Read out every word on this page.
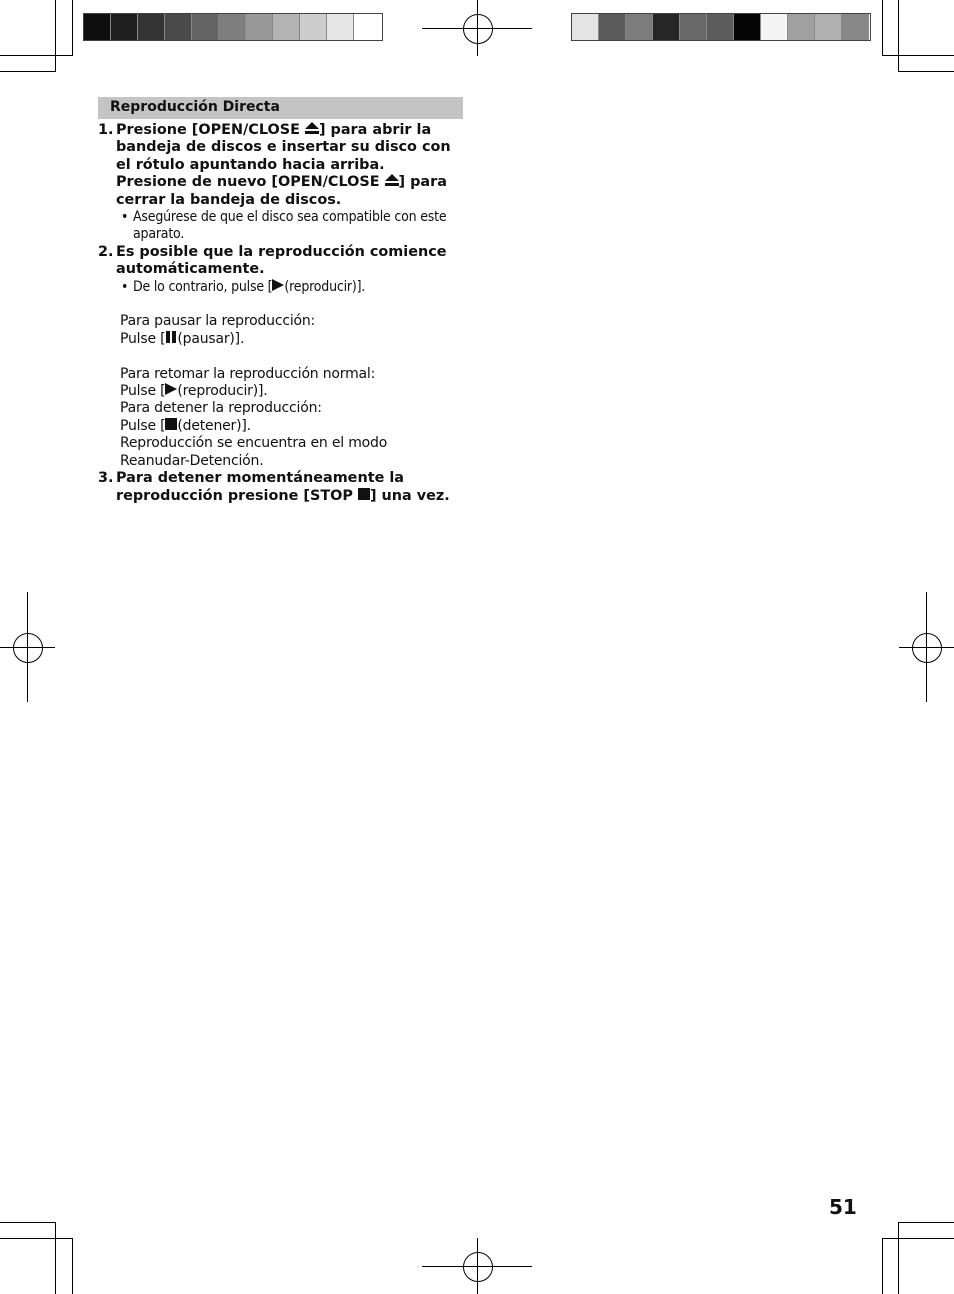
Reproducción Directa
1. Presione [OPEN/CLOSE ] para abrir la bandeja de discos e insertar su disco con el rótulo apuntando hacia arriba. Presione de nuevo [OPEN/CLOSE ] para cerrar la bandeja de discos.
• Asegúrese de que el disco sea compatible con este aparato.
2. Es posible que la reproducción comience automáticamente.
• De lo contrario, pulse [ (reproducir)].
Para pausar la reproducción:
Pulse [ (pausar)].
Para retomar la reproducción normal:
Pulse [ (reproducir)].
Para detener la reproducción:
Pulse [ (detener)].
Reproducción se encuentra en el modo Reanudar-Detención.
3. Para detener momentáneamente la reproducción presione [STOP ] una vez.
51
